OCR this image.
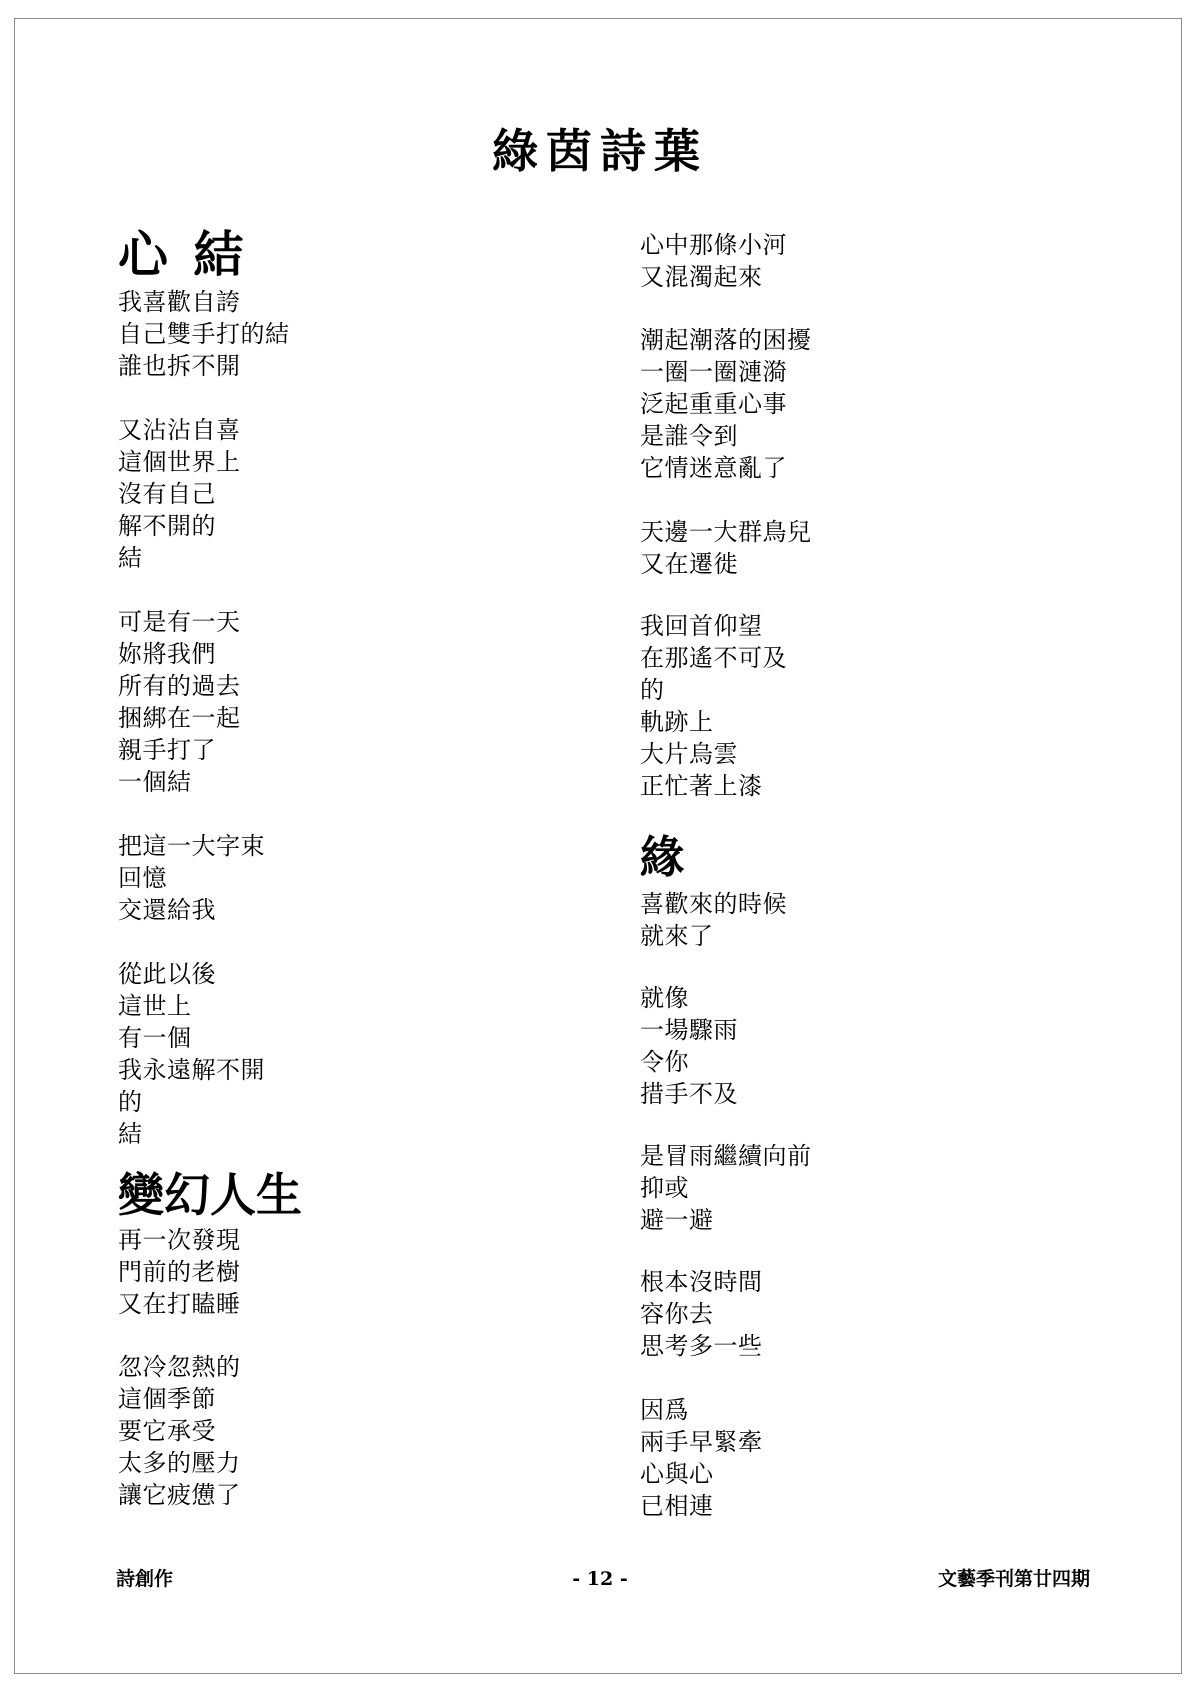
綠茵詩葉
心 結
我喜歡自誇
自己雙手打的結
誰也拆不開
又沾沾自喜
這個世界上
沒有自己
解不開的
結
可是有一天
妳將我們
所有的過去
捆綁在一起
親手打了
一個結
把這一大字束
回憶
交還給我
從此以後
這世上
有一個
我永遠解不開
的
結
變幻人生
再一次發現
門前的老樹
又在打瞌睡
忽冷忽熱的
這個季節
要它承受
太多的壓力
讓它疲憊了
心中那條小河
又混濁起來
潮起潮落的困擾
一圈一圈漣漪
泛起重重心事
是誰令到
它情迷意亂了
天邊一大群鳥兒
又在遷徙
我回首仰望
在那遙不可及
的
軌跡上
大片烏雲
正忙著上漆
緣
喜歡來的時候
就來了
就像
一場驟雨
令你
措手不及
是冒雨繼續向前
抑或
避一避
根本沒時間
容你去
思考多一些
因爲
兩手早緊牽
心與心
已相連
詩創作	- 12 -	文藝季刊第廿四期
